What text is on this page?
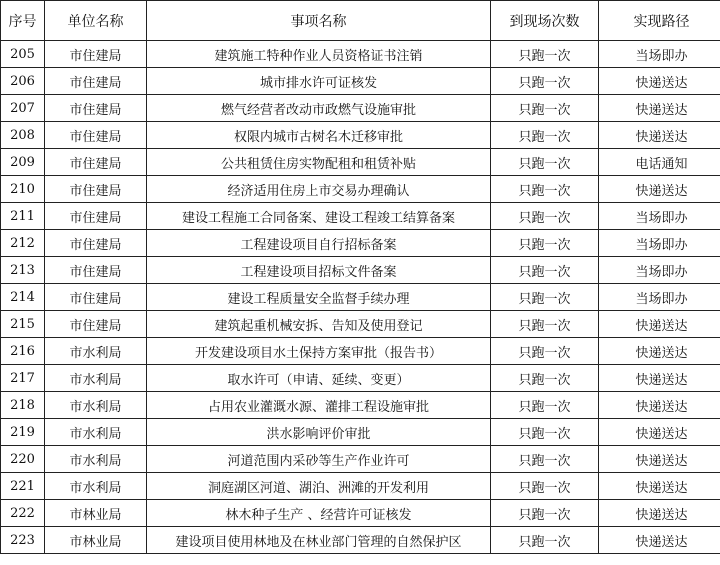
序号	单位名称	事项名称	到现场次数	实现路径
205	市住建局	建筑施工特种作业人员资格证书注销	只跑一次	当场即办
206	市住建局	城市排水许可证核发	只跑一次	快递送达
207	市住建局	燃气经营者改动市政燃气设施审批	只跑一次	快递送达
208	市住建局	权限内城市古树名木迁移审批	只跑一次	快递送达
209	市住建局	公共租赁住房实物配租和租赁补贴	只跑一次	电话通知
210	市住建局	经济适用住房上市交易办理确认	只跑一次	快递送达
211	市住建局	建设工程施工合同备案、建设工程竣工结算备案	只跑一次	当场即办
212	市住建局	工程建设项目自行招标备案	只跑一次	当场即办
213	市住建局	工程建设项目招标文件备案	只跑一次	当场即办
214	市住建局	建设工程质量安全监督手续办理	只跑一次	当场即办
215	市住建局	建筑起重机械安拆、告知及使用登记	只跑一次	快递送达
216	市水利局	开发建设项目水土保持方案审批（报告书）	只跑一次	快递送达
217	市水利局	取水许可（申请、延续、变更）	只跑一次	快递送达
218	市水利局	占用农业灌溉水源、灌排工程设施审批	只跑一次	快递送达
219	市水利局	洪水影响评价审批	只跑一次	快递送达
220	市水利局	河道范围内采砂等生产作业许可	只跑一次	快递送达
221	市水利局	洞庭湖区河道、湖泊、洲滩的开发利用	只跑一次	快递送达
222	市林业局	林木种子生产 、经营许可证核发	只跑一次	快递送达
223	市林业局	建设项目使用林地及在林业部门管理的自然保护区	只跑一次	快递送达
